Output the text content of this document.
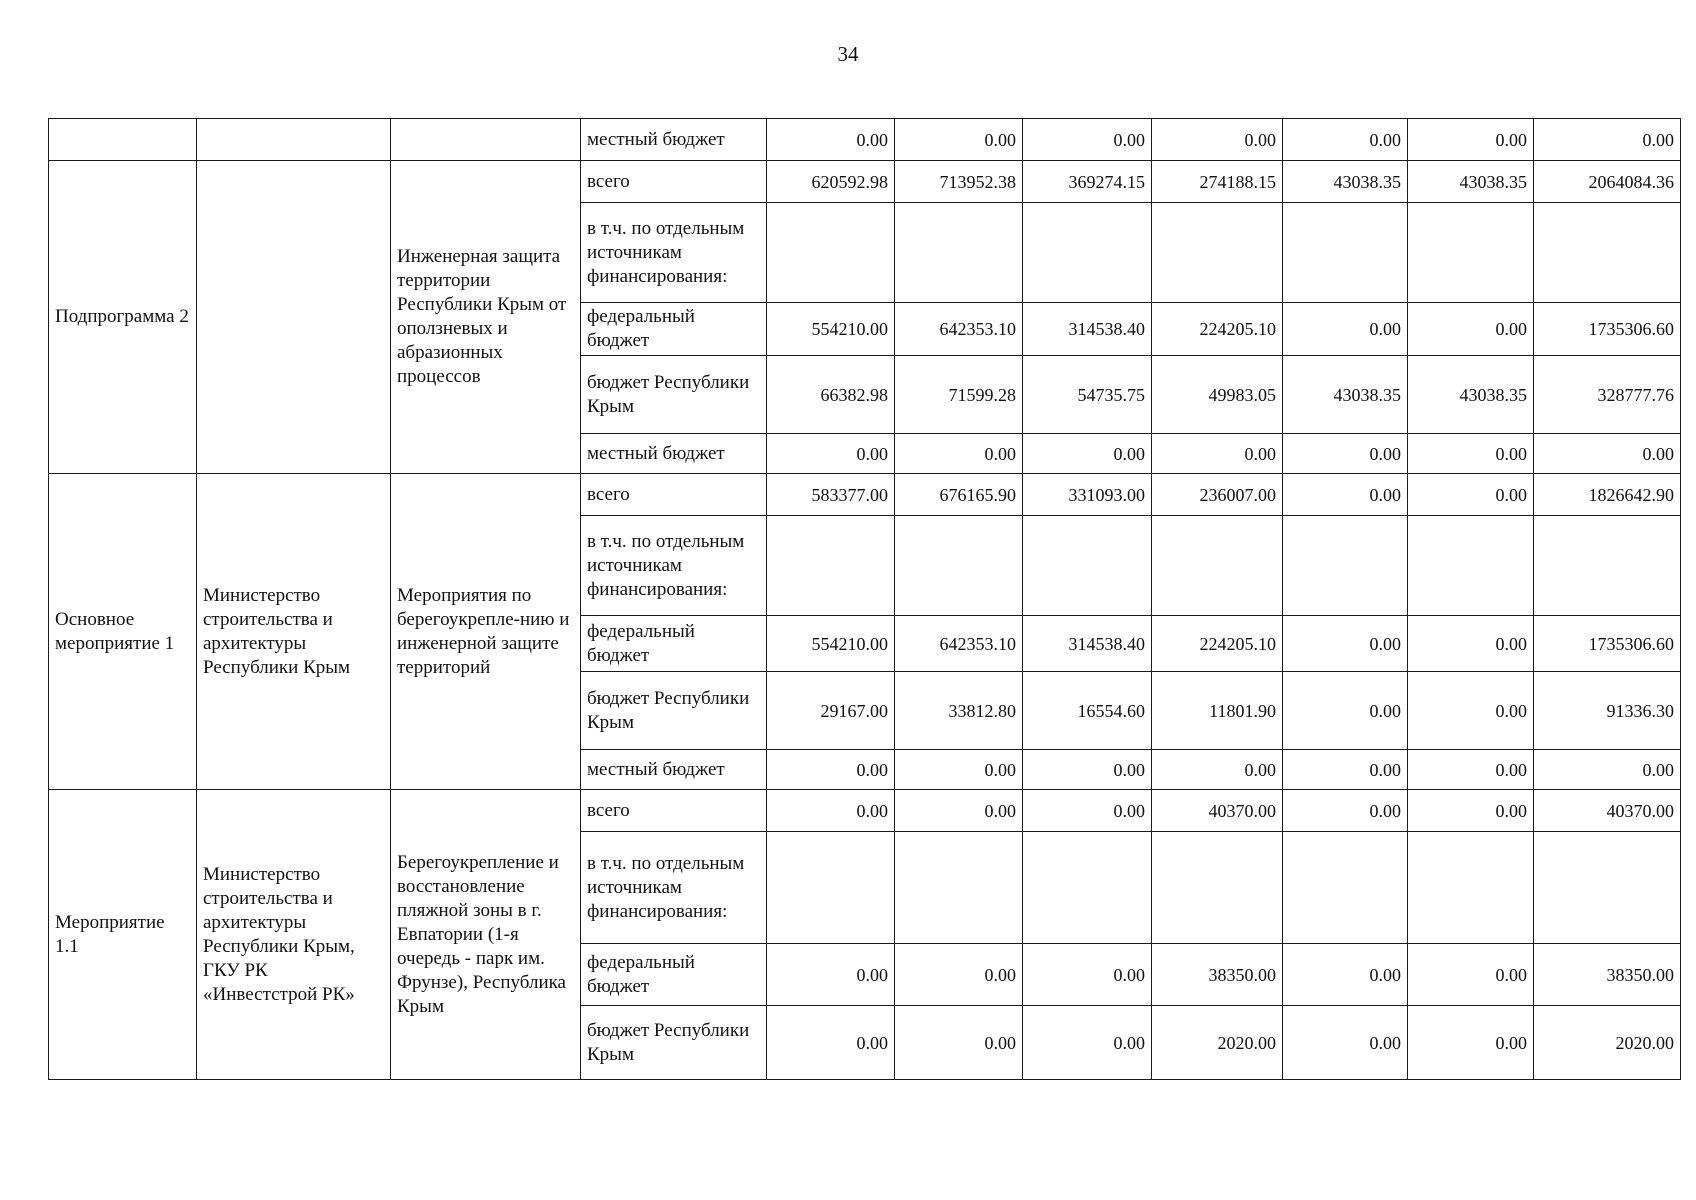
34
			местный бюджет	0.00	0.00	0.00	0.00	0.00	0.00	0.00
Подпрограмма 2		Инженерная защита территории Республики Крым от оползневых и абразионных процессов	всего	620592.98	713952.38	369274.15	274188.15	43038.35	43038.35	2064084.36
			в т.ч. по отдельным источникам финансирования:							
			федеральный бюджет	554210.00	642353.10	314538.40	224205.10	0.00	0.00	1735306.60
			бюджет Республики Крым	66382.98	71599.28	54735.75	49983.05	43038.35	43038.35	328777.76
			местный бюджет	0.00	0.00	0.00	0.00	0.00	0.00	0.00
Основное мероприятие 1	Министерство строительства и архитектуры Республики Крым	Мероприятия по берегоукрепле-нию и инженерной защите территорий	всего	583377.00	676165.90	331093.00	236007.00	0.00	0.00	1826642.90
			в т.ч. по отдельным источникам финансирования:							
			федеральный бюджет	554210.00	642353.10	314538.40	224205.10	0.00	0.00	1735306.60
			бюджет Республики Крым	29167.00	33812.80	16554.60	11801.90	0.00	0.00	91336.30
			местный бюджет	0.00	0.00	0.00	0.00	0.00	0.00	0.00
Мероприятие 1.1	Министерство строительства и архитектуры Республики Крым, ГКУ РК «Инвестстрой РК»	Берегоукрепление и восстановление пляжной зоны в г. Евпатории (1-я очередь - парк им. Фрунзе), Республика Крым	всего	0.00	0.00	0.00	40370.00	0.00	0.00	40370.00
			в т.ч. по отдельным источникам финансирования:							
			федеральный бюджет	0.00	0.00	0.00	38350.00	0.00	0.00	38350.00
			бюджет Республики Крым	0.00	0.00	0.00	2020.00	0.00	0.00	2020.00
